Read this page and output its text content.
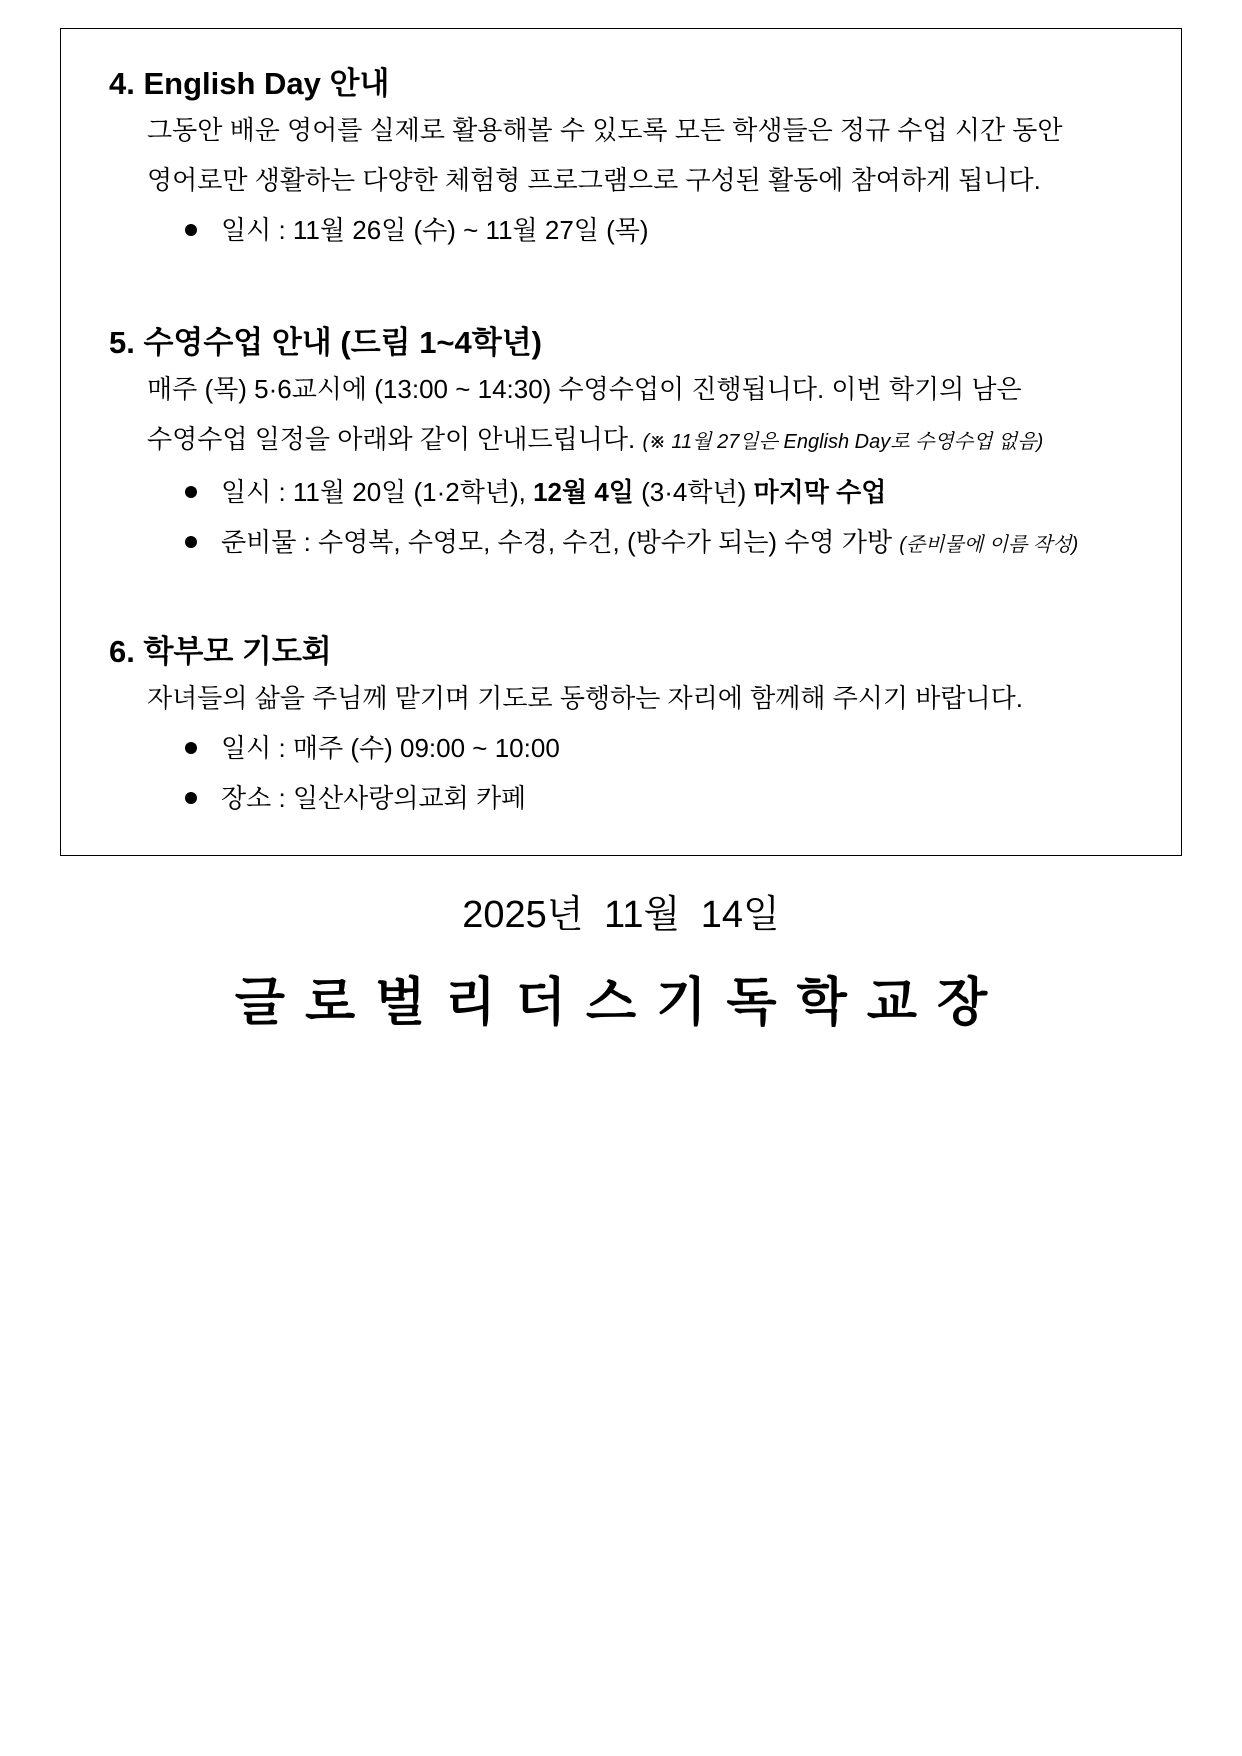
4. English Day 안내

그동안 배운 영어를 실제로 활용해볼 수 있도록 모든 학생들은 정규 수업 시간 동안

영어로만 생활하는 다양한 체험형 프로그램으로 구성된 활동에 참여하게 됩니다.

일시 : 11월 26일 (수) ~ 11월 27일 (목)
5. 수영수업 안내 (드림 1~4학년)

매주 (목) 5·6교시에 (13:00 ~ 14:30) 수영수업이 진행됩니다. 이번 학기의 남은

수영수업 일정을 아래와 같이 안내드립니다. (※ 11월 27일은 English Day로 수영수업 없음)

일시 : 11월 20일 (1·2학년), 12월 4일 (3·4학년) 마지막 수업
준비물 : 수영복, 수영모, 수경, 수건, (방수가 되는) 수영 가방 (준비물에 이름 작성)
6. 학부모 기도회

자녀들의 삶을 주님께 맡기며 기도로 동행하는 자리에 함께해 주시기 바랍니다.

일시 : 매주 (수) 09:00 ~ 10:00
장소 : 일산사랑의교회 카페
2025년 11월 14일
글로벌리더스기독학교장
